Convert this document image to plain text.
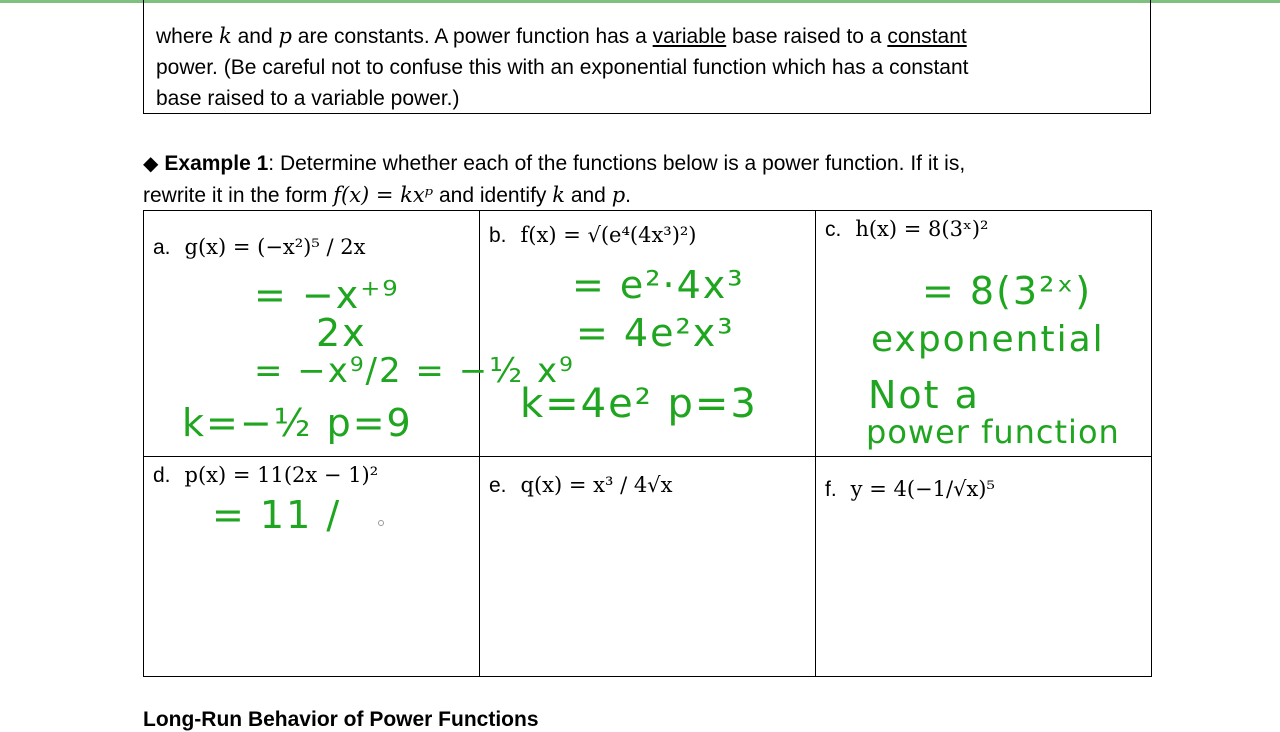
where k and p are constants. A power function has a variable base raised to a constant
power. (Be careful not to confuse this with an exponential function which has a constant
base raised to a variable power.)
◆ Example 1: Determine whether each of the functions below is a power function. If it is,
rewrite it in the form f(x) = kxᵖ and identify k and p.
a. g(x) = (−x²)⁵ / 2x
= −x⁺⁹
2x
= −x⁹/2 = −½ x⁹
k=−½ p=9
b. f(x) = √(e⁴(4x³)²)
= e²·4x³
= 4e²x³
k=4e² p=3
c. h(x) = 8(3ˣ)²
= 8(3²ˣ)
exponential
Not a
power function
d. p(x) = 11(2x − 1)²
= 11 /
e. q(x) = x³ / 4√x	f. y = 4(−1/√x)⁵
Long-Run Behavior of Power Functions
